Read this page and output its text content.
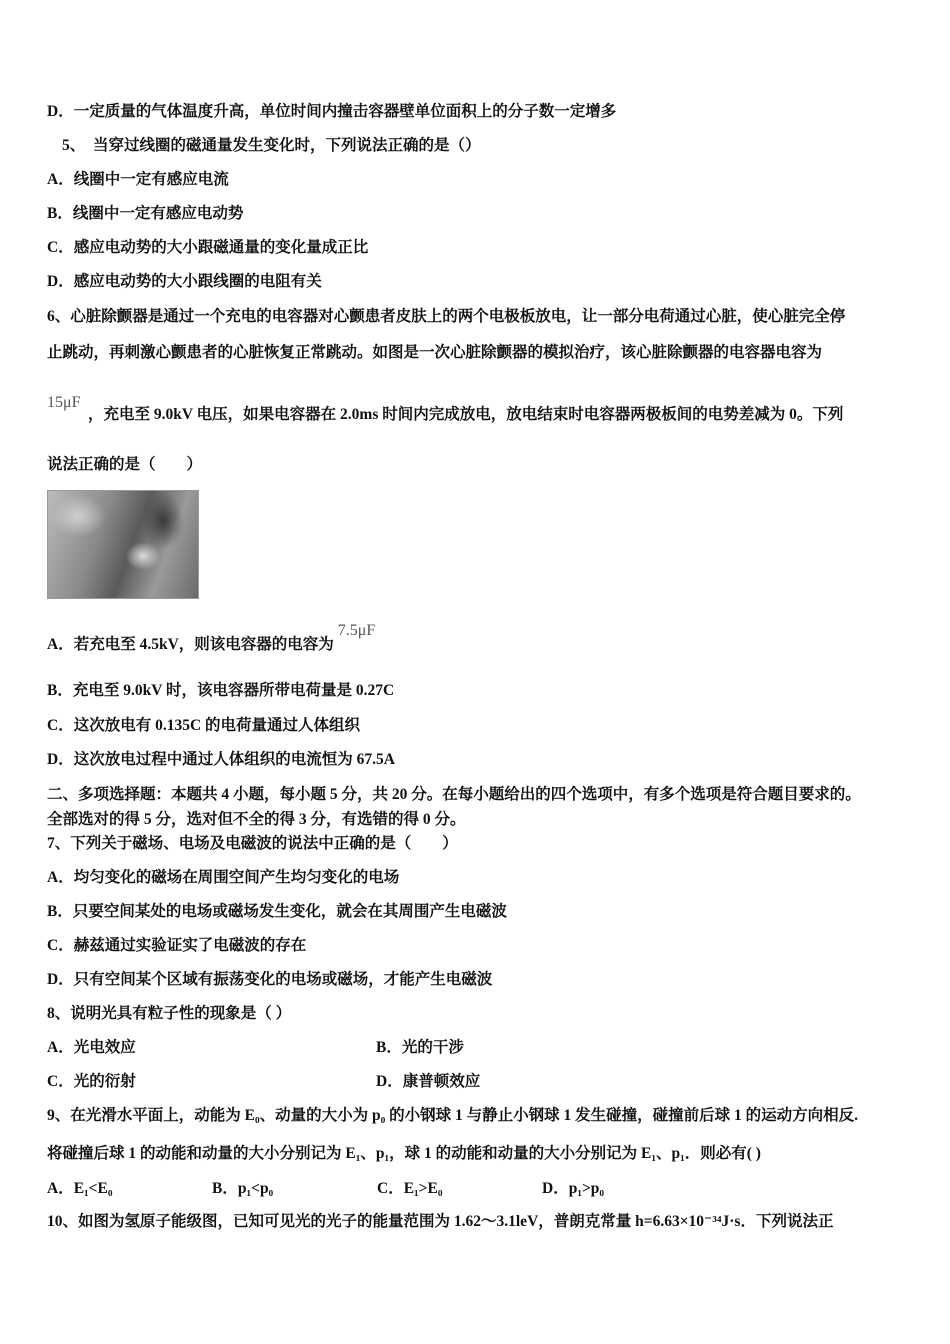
D．一定质量的气体温度升高，单位时间内撞击容器壁单位面积上的分子数一定增多
5、　当穿过线圈的磁通量发生变化时，下列说法正确的是（）
A．线圈中一定有感应电流
B．线圈中一定有感应电动势
C．感应电动势的大小跟磁通量的变化量成正比
D．感应电动势的大小跟线圈的电阻有关
6、心脏除颤器是通过一个充电的电容器对心颤患者皮肤上的两个电极板放电，让一部分电荷通过心脏，使心脏完全停
止跳动，再刺激心颤患者的心脏恢复正常跳动。如图是一次心脏除颤器的模拟治疗，该心脏除颤器的电容器电容为
15μF
，充电至 9.0kV 电压，如果电容器在 2.0ms 时间内完成放电，放电结束时电容器两极板间的电势差减为 0。下列
说法正确的是（　　）
A．若充电至 4.5kV，则该电容器的电容为7.5μF
B．充电至 9.0kV 时，该电容器所带电荷量是 0.27C
C．这次放电有 0.135C 的电荷量通过人体组织
D．这次放电过程中通过人体组织的电流恒为 67.5A
二、多项选择题：本题共 4 小题，每小题 5 分，共 20 分。在每小题给出的四个选项中，有多个选项是符合题目要求的。
全部选对的得 5 分，选对但不全的得 3 分，有选错的得 0 分。
7、下列关于磁场、电场及电磁波的说法中正确的是（　　）
A．均匀变化的磁场在周围空间产生均匀变化的电场
B．只要空间某处的电场或磁场发生变化，就会在其周围产生电磁波
C．赫兹通过实验证实了电磁波的存在
D．只有空间某个区域有振荡变化的电场或磁场，才能产生电磁波
8、说明光具有粒子性的现象是（ ）
A．光电效应	B．光的干涉
C．光的衍射	D．康普顿效应
9、在光滑水平面上，动能为 E₀、动量的大小为 p₀ 的小钢球 1 与静止小钢球 1 发生碰撞，碰撞前后球 1 的运动方向相反.
将碰撞后球 1 的动能和动量的大小分别记为 E₁、p₁，球 1 的动能和动量的大小分别记为 E₁、p₁．则必有( )
A．E₁<E₀	B．p₁<p₀	C．E₁>E₀	D．p₁>p₀
10、如图为氢原子能级图，已知可见光的光子的能量范围为 1.62～3.1leV，普朗克常量 h=6.63×10⁻³⁴J·s．下列说法正
